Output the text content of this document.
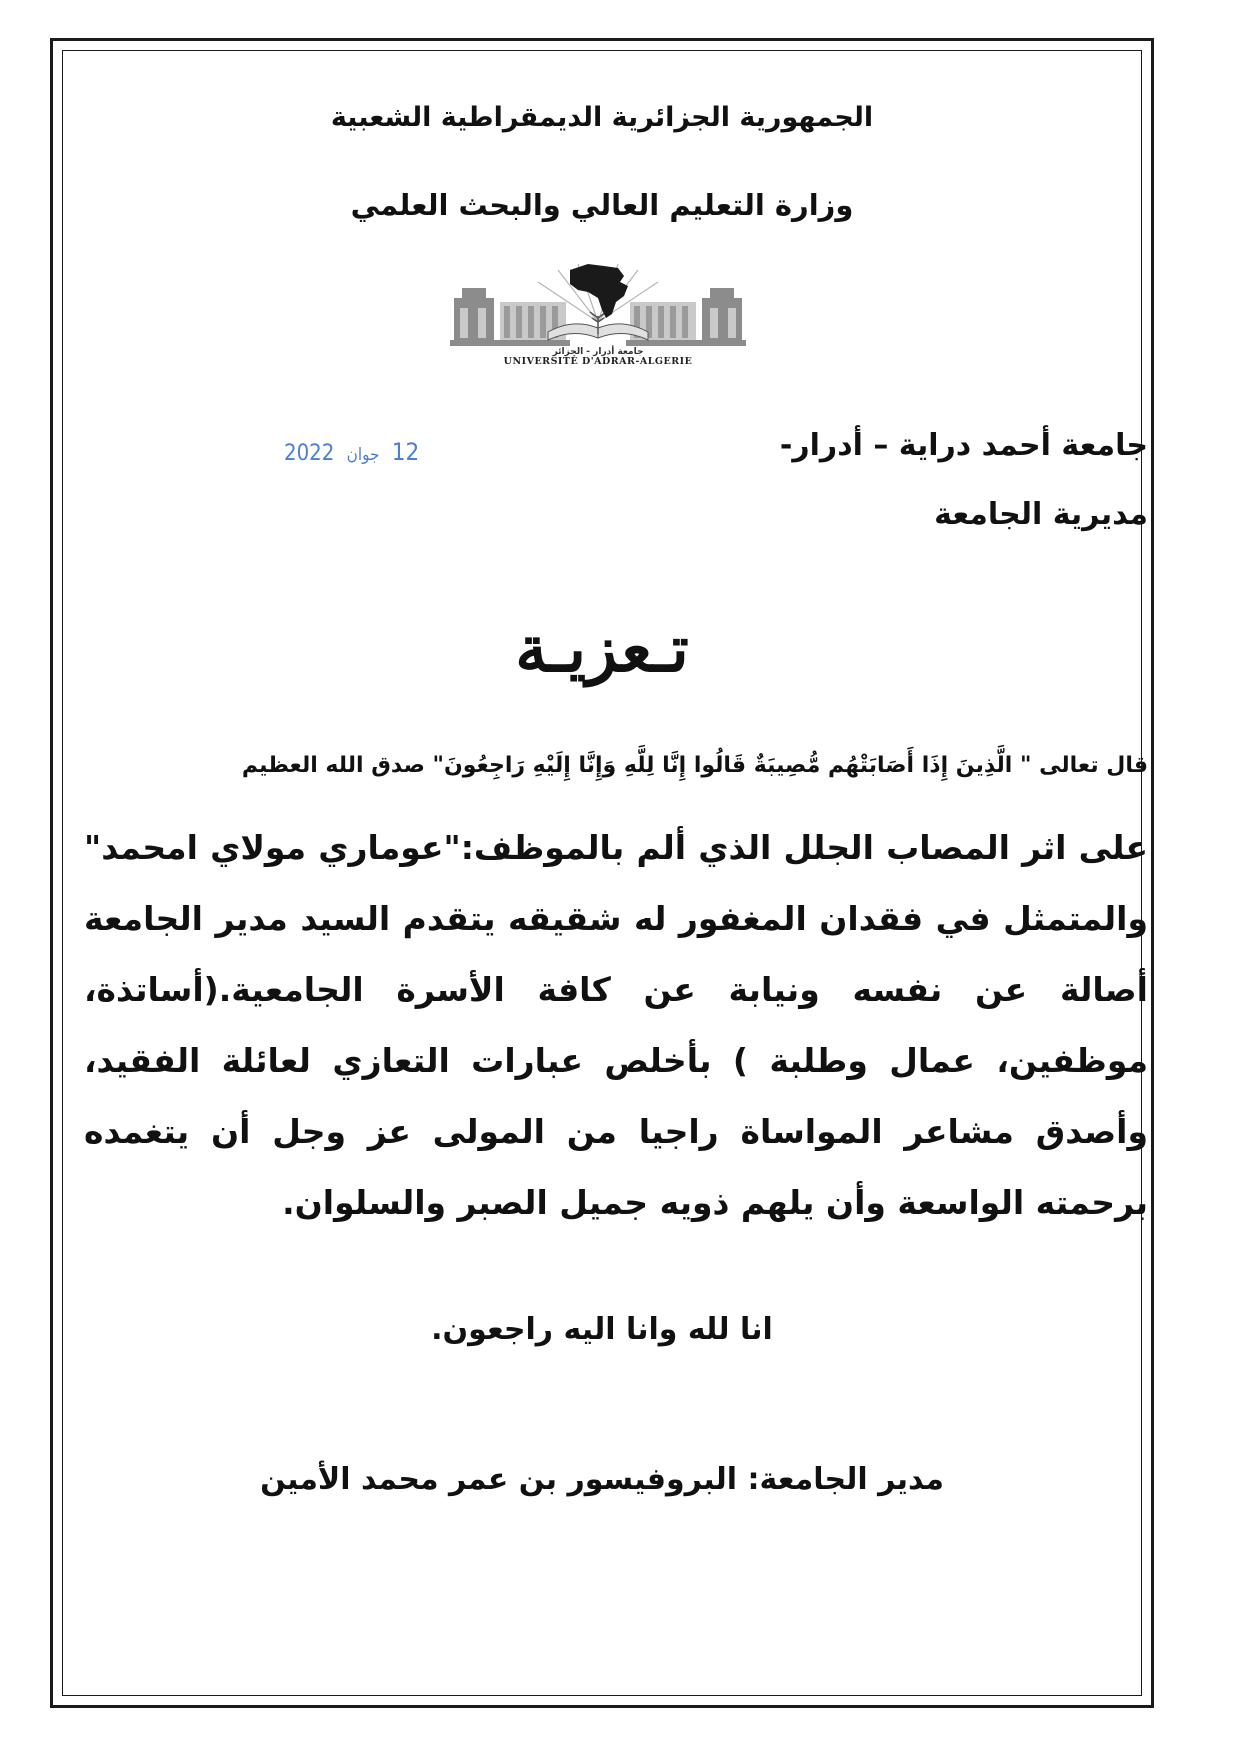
الجمهورية الجزائرية الديمقراطية الشعبية
وزارة التعليم العالي والبحث العلمي
جامعة أدرار - الجزائر
UNIVERSITÉ D'ADRAR-ALGERIE
جامعة أحمد دراية – أدرار-
مديرية الجامعة
12 جوان 2022
تـعزيـة
قال تعالى " الَّذِينَ إِذَا أَصَابَتْهُم مُّصِيبَةٌ قَالُوا إِنَّا لِلَّهِ وَإِنَّا إِلَيْهِ رَاجِعُونَ" صدق الله العظيم
على اثر المصاب الجلل الذي ألم بالموظف:"عوماري مولاي امحمد" والمتمثل في فقدان المغفور له شقيقه يتقدم السيد مدير الجامعة أصالة عن نفسه ونيابة عن كافة الأسرة الجامعية.(أساتذة، موظفين، عمال وطلبة ) بأخلص عبارات التعازي لعائلة الفقيد، وأصدق مشاعر المواساة راجيا من المولى عز وجل أن يتغمده برحمته الواسعة وأن يلهم ذويه جميل الصبر والسلوان.
انا لله وانا اليه راجعون.
مدير الجامعة: البروفيسور بن عمر محمد الأمين
